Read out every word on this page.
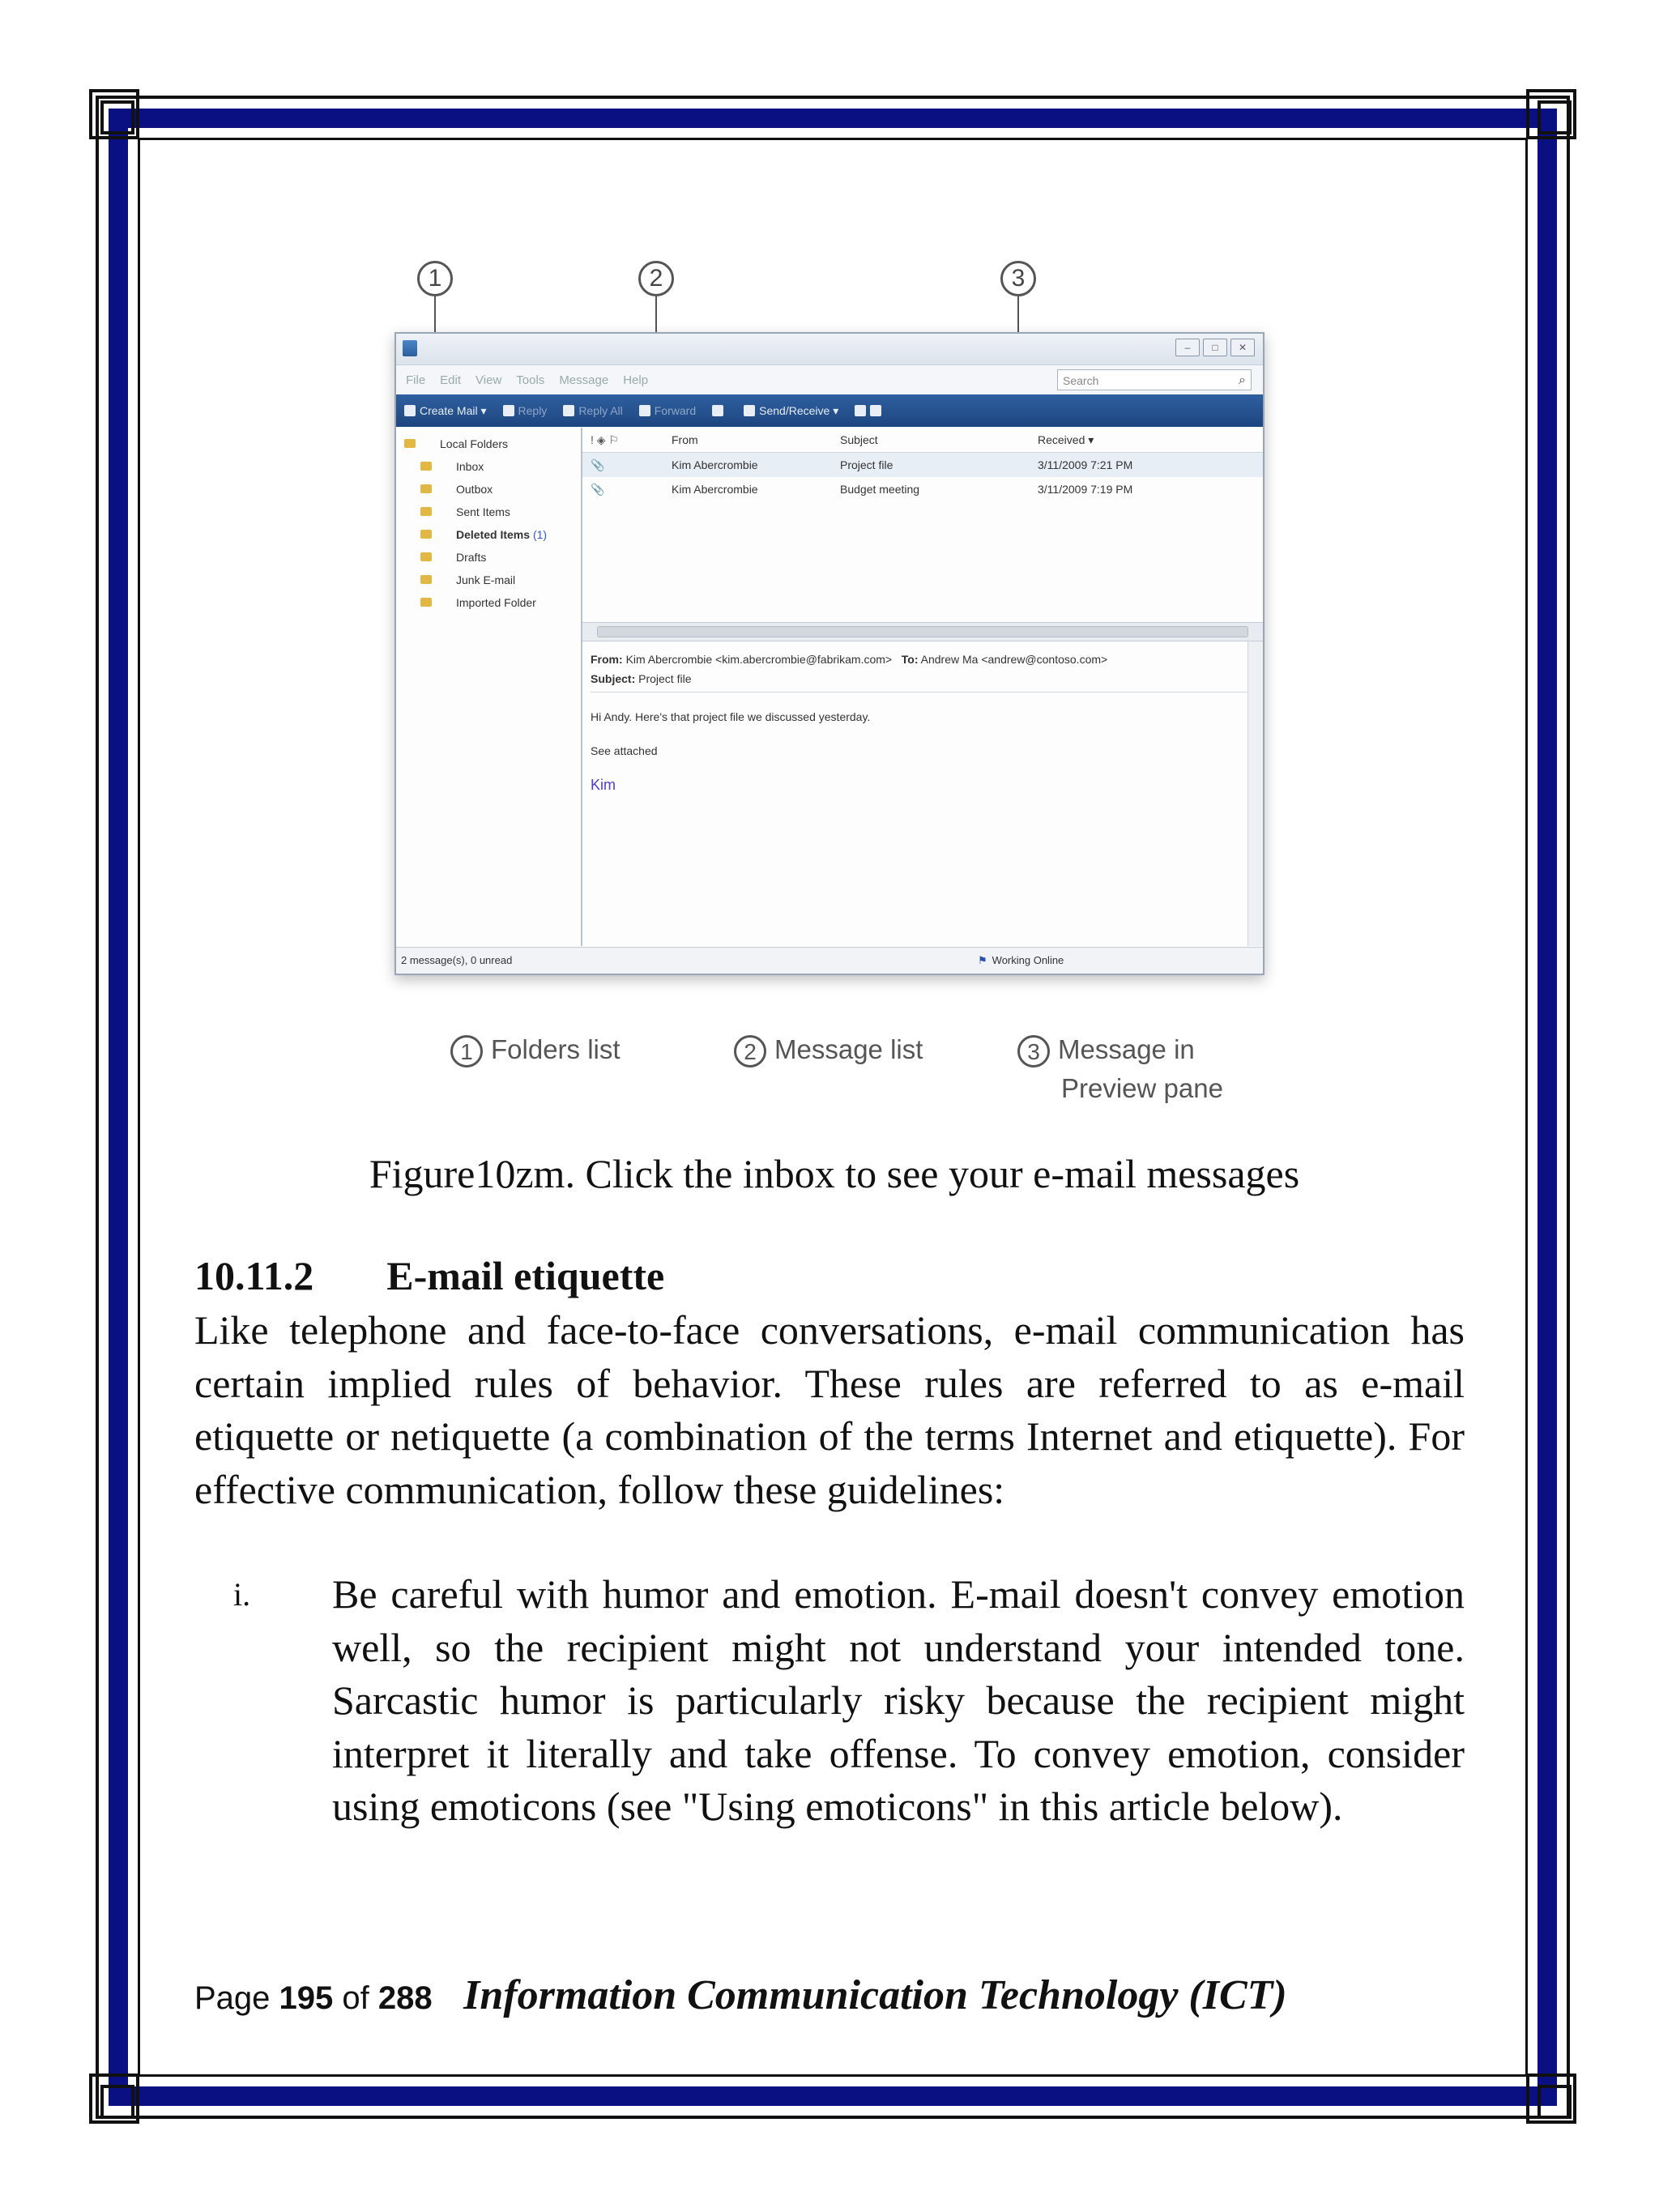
1	2	3
–	□	✕
File Edit View Tools Message Help	Search	⌕
Create Mail ▾	Reply	Reply All	Forward	Send/Receive ▾
Local Folders
Inbox
Outbox
Sent Items
Deleted Items (1)
Drafts
Junk E-mail
Imported Folder
! ◈ ⚐	From	Subject	Received ▾
📎	Kim Abercrombie	Project file	3/11/2009 7:21 PM
📎	Kim Abercrombie	Budget meeting	3/11/2009 7:19 PM
From: Kim Abercrombie <kim.abercrombie@fabrikam.com> To: Andrew Ma <andrew@contoso.com>
Subject: Project file

Hi Andy. Here's that project file we discussed yesterday.

See attached

Kim

2 message(s), 0 unread
⚑	Working Online
1 Folders list	2 Message list	3 Message in
Preview pane
Figure10zm. Click the inbox to see your e-mail messages
10.11.2 E-mail etiquette
Like telephone and face-to-face conversations, e-mail communication has certain implied rules of behavior. These rules are referred to as e-mail etiquette or netiquette (a combination of the terms Internet and etiquette). For effective communication, follow these guidelines:
i. Be careful with humor and emotion. E-mail doesn't convey emotion well, so the recipient might not understand your intended tone. Sarcastic humor is particularly risky because the recipient might interpret it literally and take offense. To convey emotion, consider using emoticons (see "Using emoticons" in this article below).
Page 195 of 288 Information Communication Technology (ICT)
